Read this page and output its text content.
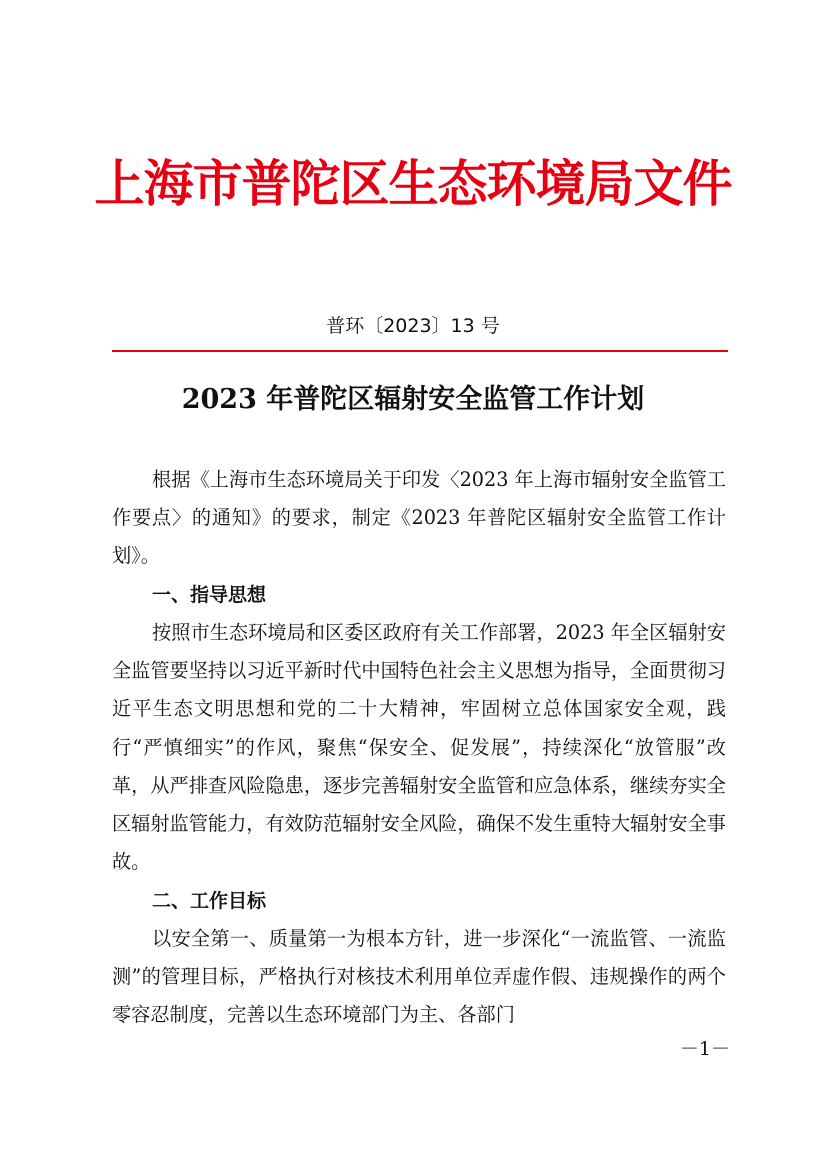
上海市普陀区生态环境局文件
普环〔2023〕13 号
2023 年普陀区辐射安全监管工作计划
根据《上海市生态环境局关于印发〈2023 年上海市辐射安全监管工作要点〉的通知》的要求，制定《2023 年普陀区辐射安全监管工作计划》。
一、指导思想
按照市生态环境局和区委区政府有关工作部署，2023 年全区辐射安全监管要坚持以习近平新时代中国特色社会主义思想为指导，全面贯彻习近平生态文明思想和党的二十大精神，牢固树立总体国家安全观，践行“严慎细实”的作风，聚焦“保安全、促发展”，持续深化“放管服”改革，从严排查风险隐患，逐步完善辐射安全监管和应急体系，继续夯实全区辐射监管能力，有效防范辐射安全风险，确保不发生重特大辐射安全事故。
二、工作目标
以安全第一、质量第一为根本方针，进一步深化“一流监管、一流监测”的管理目标，严格执行对核技术利用单位弄虚作假、违规操作的两个零容忍制度，完善以生态环境部门为主、各部门
－1－
